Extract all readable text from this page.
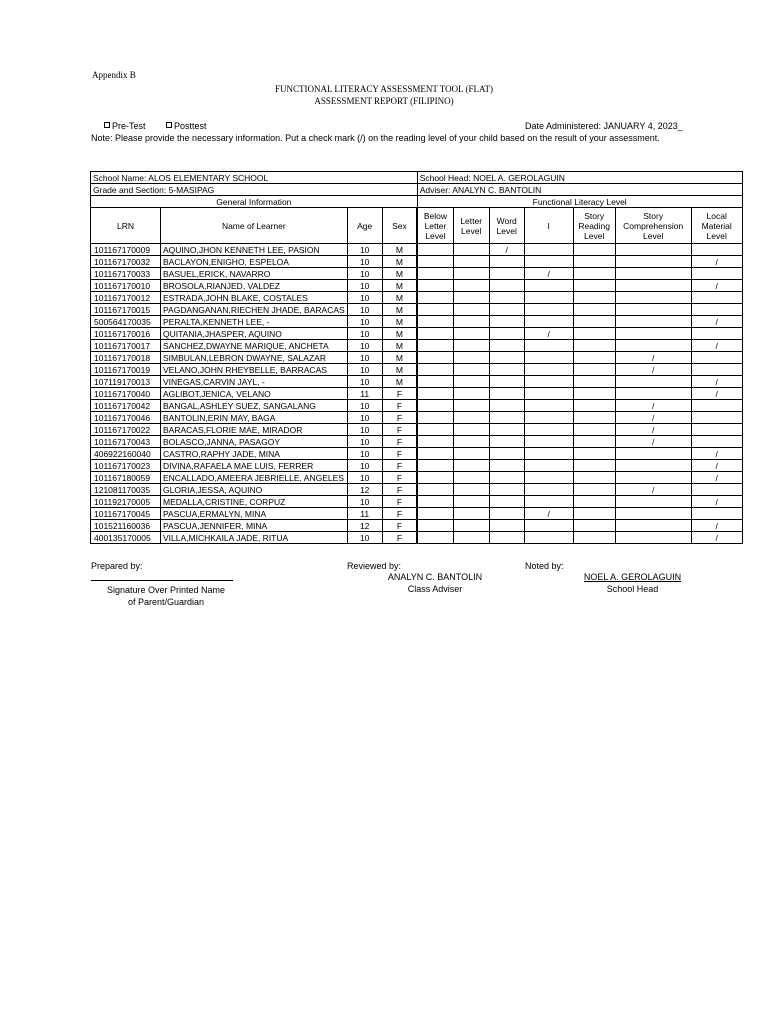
Appendix B
FUNCTIONAL LITERACY ASSESSMENT TOOL (FLAT)
ASSESSMENT REPORT (FILIPINO)
Pre-Test	Posttest	Date Administered: JANUARY 4, 2023_
Note: Please provide the necessary information. Put a check mark (/) on the reading level of your child based on the result of your assessment.
School Name: ALOS ELEMENTARY SCHOOL				School Head: NOEL A. GEROLAGUIN						
Grade and Section: 5-MASIPAG				Adviser: ANALYN C. BANTOLIN						
General Information				Functional Literacy Level						
LRN	Name of Learner	Age	Sex	Below Letter Level	Letter Level	Word Level	I	Story Reading Level	Story Comprehension Level	Local Material Level
101167170009	AQUINO,JHON KENNETH LEE, PASION	10	M			/				
101167170032	BACLAYON,ENIGHO, ESPELOA	10	M							/
101167170033	BASUEL,ERICK, NAVARRO	10	M				/			
101167170010	BROSOLA,RIANJED, VALDEZ	10	M							/
101167170012	ESTRADA,JOHN BLAKE, COSTALES	10	M							
101167170015	PAGDANGANAN,RIECHEN JHADE, BARACAS	10	M							
500564170035	PERALTA,KENNETH LEE, -	10	M							/
101167170016	QUITANIA,JHASPER, AQUINO	10	M				/			
101167170017	SANCHEZ,DWAYNE MARIQUE, ANCHETA	10	M							/
101167170018	SIMBULAN,LEBRON DWAYNE, SALAZAR	10	M						/	
101167170019	VELANO,JOHN RHEYBELLE, BARRACAS	10	M						/	
107119170013	VINEGAS,CARVIN JAYL, -	10	M							/
101167170040	AGLIBOT,JENICA, VELANO	11	F							/
101167170042	BANGAL,ASHLEY SUEZ, SANGALANG	10	F						/	
101167170046	BANTOLIN,ERIN MAY, BAGA	10	F						/	
101167170022	BARACAS,FLORIE MAE, MIRADOR	10	F						/	
101167170043	BOLASCO,JANNA, PASAGOY	10	F						/	
406922160040	CASTRO,RAPHY JADE, MINA	10	F							/
101167170023	DIVINA,RAFAELA MAE LUIS, FERRER	10	F							/
101167180059	ENCALLADO,AMEERA JEBRIELLE, ANGELES	10	F							/
121081170035	GLORIA,JESSA, AQUINO	12	F						/	
101192170005	MEDALLA,CRISTINE, CORPUZ	10	F							/
101167170045	PASCUA,ERMALYN, MINA	11	F				/			
101521160036	PASCUA,JENNIFER, MINA	12	F							/
400135170005	VILLA,MICHKAILA JADE, RITUA	10	F							/
Prepared by:
Signature Over Printed Name
of Parent/Guardian
Reviewed by:
ANALYN C. BANTOLIN
Class Adviser
Noted by:
NOEL A. GEROLAGUIN
School Head
